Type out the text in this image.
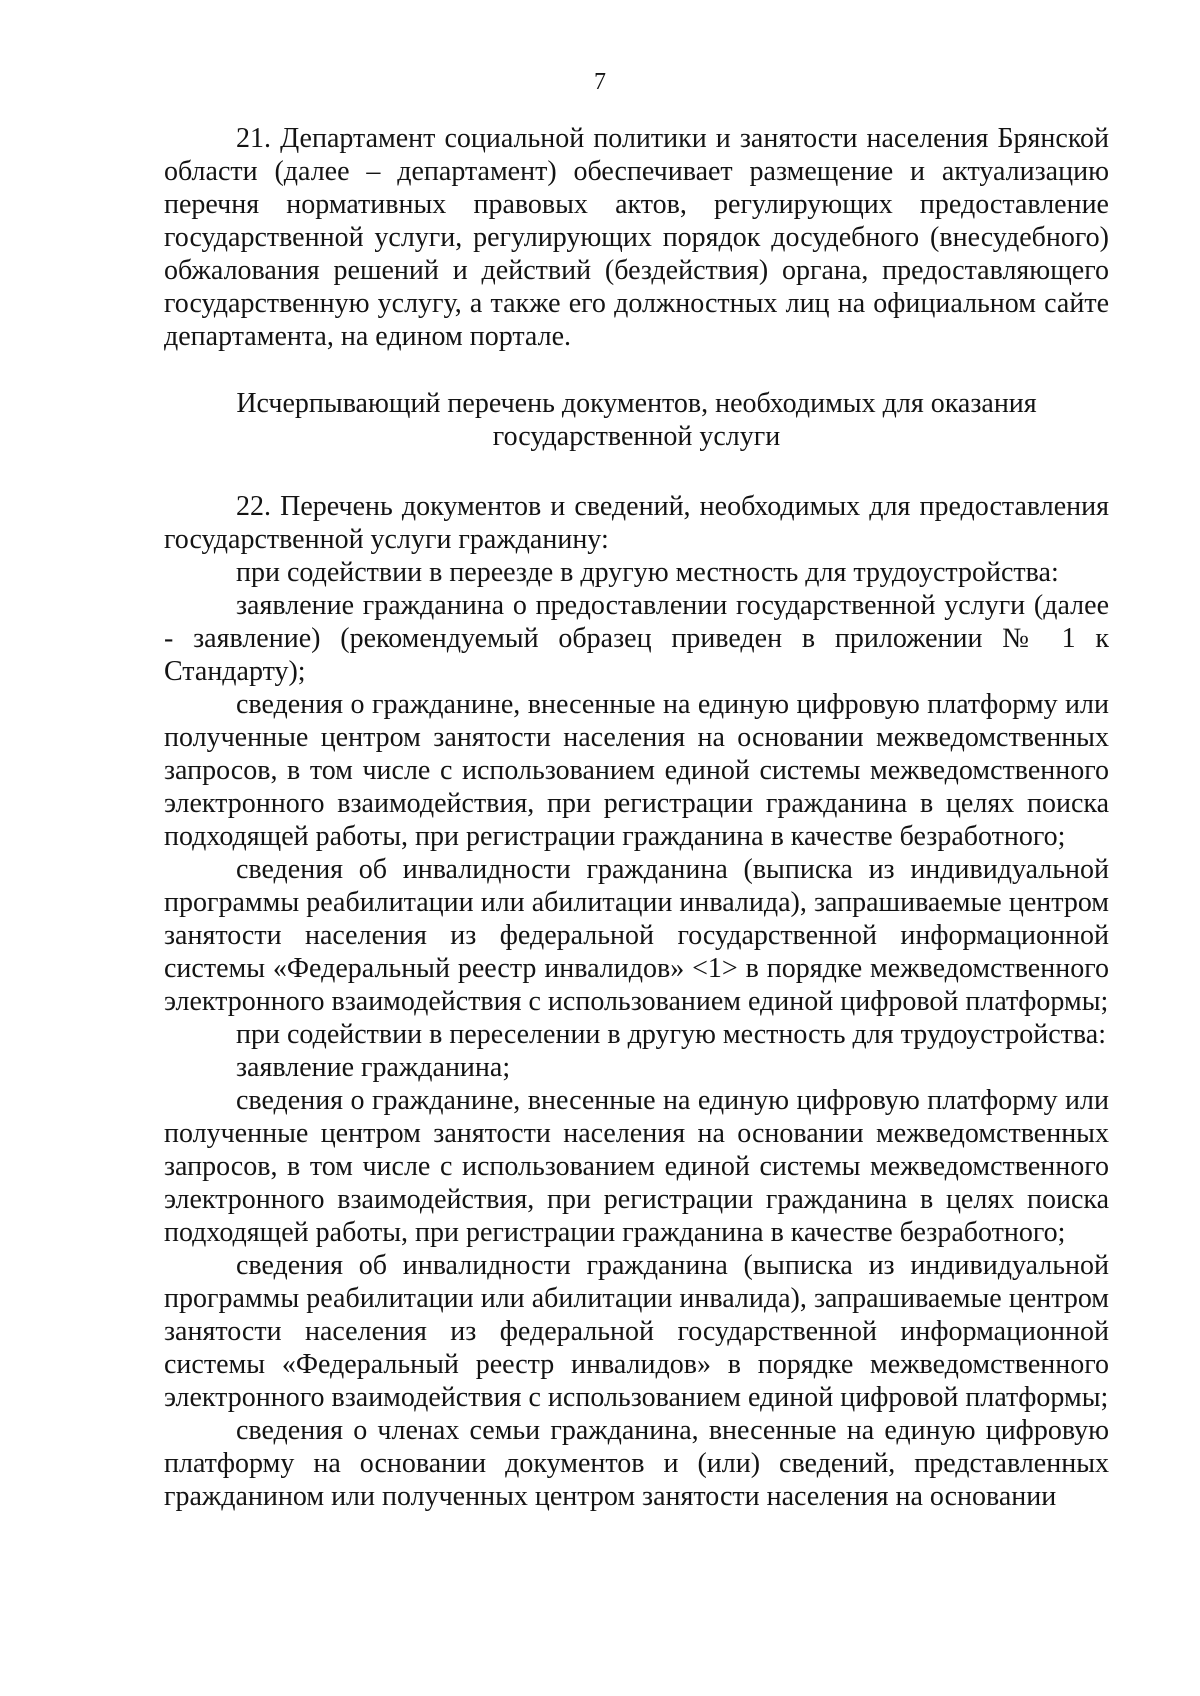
7

21. Департамент социальной политики и занятости населения Брянской области (далее – департамент) обеспечивает размещение и актуализацию перечня нормативных правовых актов, регулирующих предоставление государственной услуги, регулирующих порядок досудебного (внесудебного) обжалования решений и действий (бездействия) органа, предоставляющего государственную услугу, а также его должностных лиц на официальном сайте департамента, на едином портале.

Исчерпывающий перечень документов, необходимых для оказания
государственной услуги

22. Перечень документов и сведений, необходимых для предоставления государственной услуги гражданину:

при содействии в переезде в другую местность для трудоустройства:

заявление гражданина о предоставлении государственной услуги (далее - заявление) (рекомендуемый образец приведен в приложении № 1 к Стандарту);

сведения о гражданине, внесенные на единую цифровую платформу или полученные центром занятости населения на основании межведомственных запросов, в том числе с использованием единой системы межведомственного электронного взаимодействия, при регистрации гражданина в целях поиска подходящей работы, при регистрации гражданина в качестве безработного;

сведения об инвалидности гражданина (выписка из индивидуальной программы реабилитации или абилитации инвалида), запрашиваемые центром занятости населения из федеральной государственной информационной системы «Федеральный реестр инвалидов» <1> в порядке межведомственного электронного взаимодействия с использованием единой цифровой платформы;

при содействии в переселении в другую местность для трудоустройства:

заявление гражданина;

сведения о гражданине, внесенные на единую цифровую платформу или полученные центром занятости населения на основании межведомственных запросов, в том числе с использованием единой системы межведомственного электронного взаимодействия, при регистрации гражданина в целях поиска подходящей работы, при регистрации гражданина в качестве безработного;

сведения об инвалидности гражданина (выписка из индивидуальной программы реабилитации или абилитации инвалида), запрашиваемые центром занятости населения из федеральной государственной информационной системы «Федеральный реестр инвалидов» в порядке межведомственного электронного взаимодействия с использованием единой цифровой платформы;

сведения о членах семьи гражданина, внесенные на единую цифровую платформу на основании документов и (или) сведений, представленных гражданином или полученных центром занятости населения на основании
